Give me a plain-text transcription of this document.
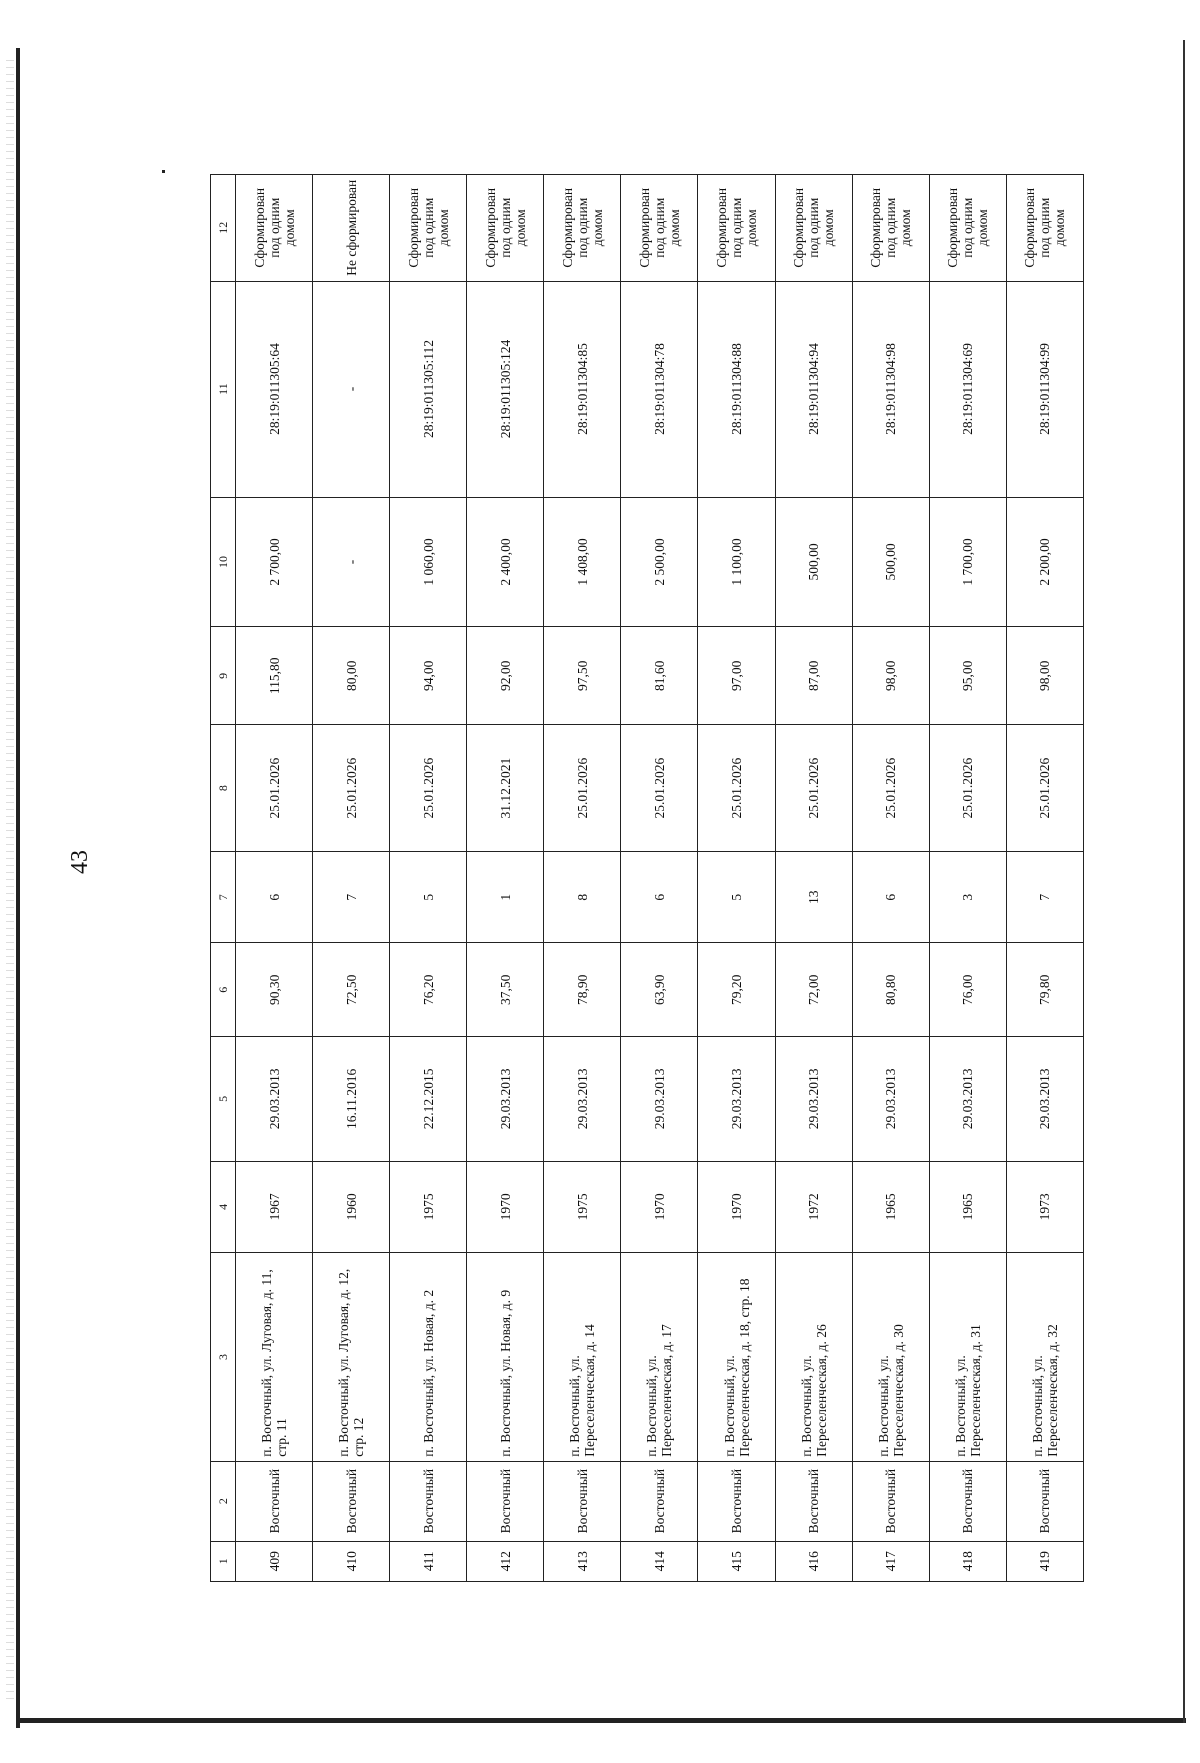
43
1	2	3	4	5	6	7	8	9	10	11	12
409	Восточный	п. Восточный, ул. Луговая, д. 11, стр. 11	1967	29.03.2013	90,30	6	25.01.2026	115,80	2 700,00	28:19:011305:64	Сформирован под одним домом
410	Восточный	п. Восточный, ул. Луговая, д. 12, стр. 12	1960	16.11.2016	72,50	7	25.01.2026	80,00	-	-	Не сформирован
411	Восточный	п. Восточный, ул. Новая, д. 2	1975	22.12.2015	76,20	5	25.01.2026	94,00	1 060,00	28:19:011305:112	Сформирован под одним домом
412	Восточный	п. Восточный, ул. Новая, д. 9	1970	29.03.2013	37,50	1	31.12.2021	92,00	2 400,00	28:19:011305:124	Сформирован под одним домом
413	Восточный	п. Восточный, ул. Переселенческая, д. 14	1975	29.03.2013	78,90	8	25.01.2026	97,50	1 408,00	28:19:011304:85	Сформирован под одним домом
414	Восточный	п. Восточный, ул. Переселенческая, д. 17	1970	29.03.2013	63,90	6	25.01.2026	81,60	2 500,00	28:19:011304:78	Сформирован под одним домом
415	Восточный	п. Восточный, ул. Переселенческая, д. 18, стр. 18	1970	29.03.2013	79,20	5	25.01.2026	97,00	1 100,00	28:19:011304:88	Сформирован под одним домом
416	Восточный	п. Восточный, ул. Переселенческая, д. 26	1972	29.03.2013	72,00	13	25.01.2026	87,00	500,00	28:19:011304:94	Сформирован под одним домом
417	Восточный	п. Восточный, ул. Переселенческая, д. 30	1965	29.03.2013	80,80	6	25.01.2026	98,00	500,00	28:19:011304:98	Сформирован под одним домом
418	Восточный	п. Восточный, ул. Переселенческая, д. 31	1965	29.03.2013	76,00	3	25.01.2026	95,00	1 700,00	28:19:011304:69	Сформирован под одним домом
419	Восточный	п. Восточный, ул. Переселенческая, д. 32	1973	29.03.2013	79,80	7	25.01.2026	98,00	2 200,00	28:19:011304:99	Сформирован под одним домом
